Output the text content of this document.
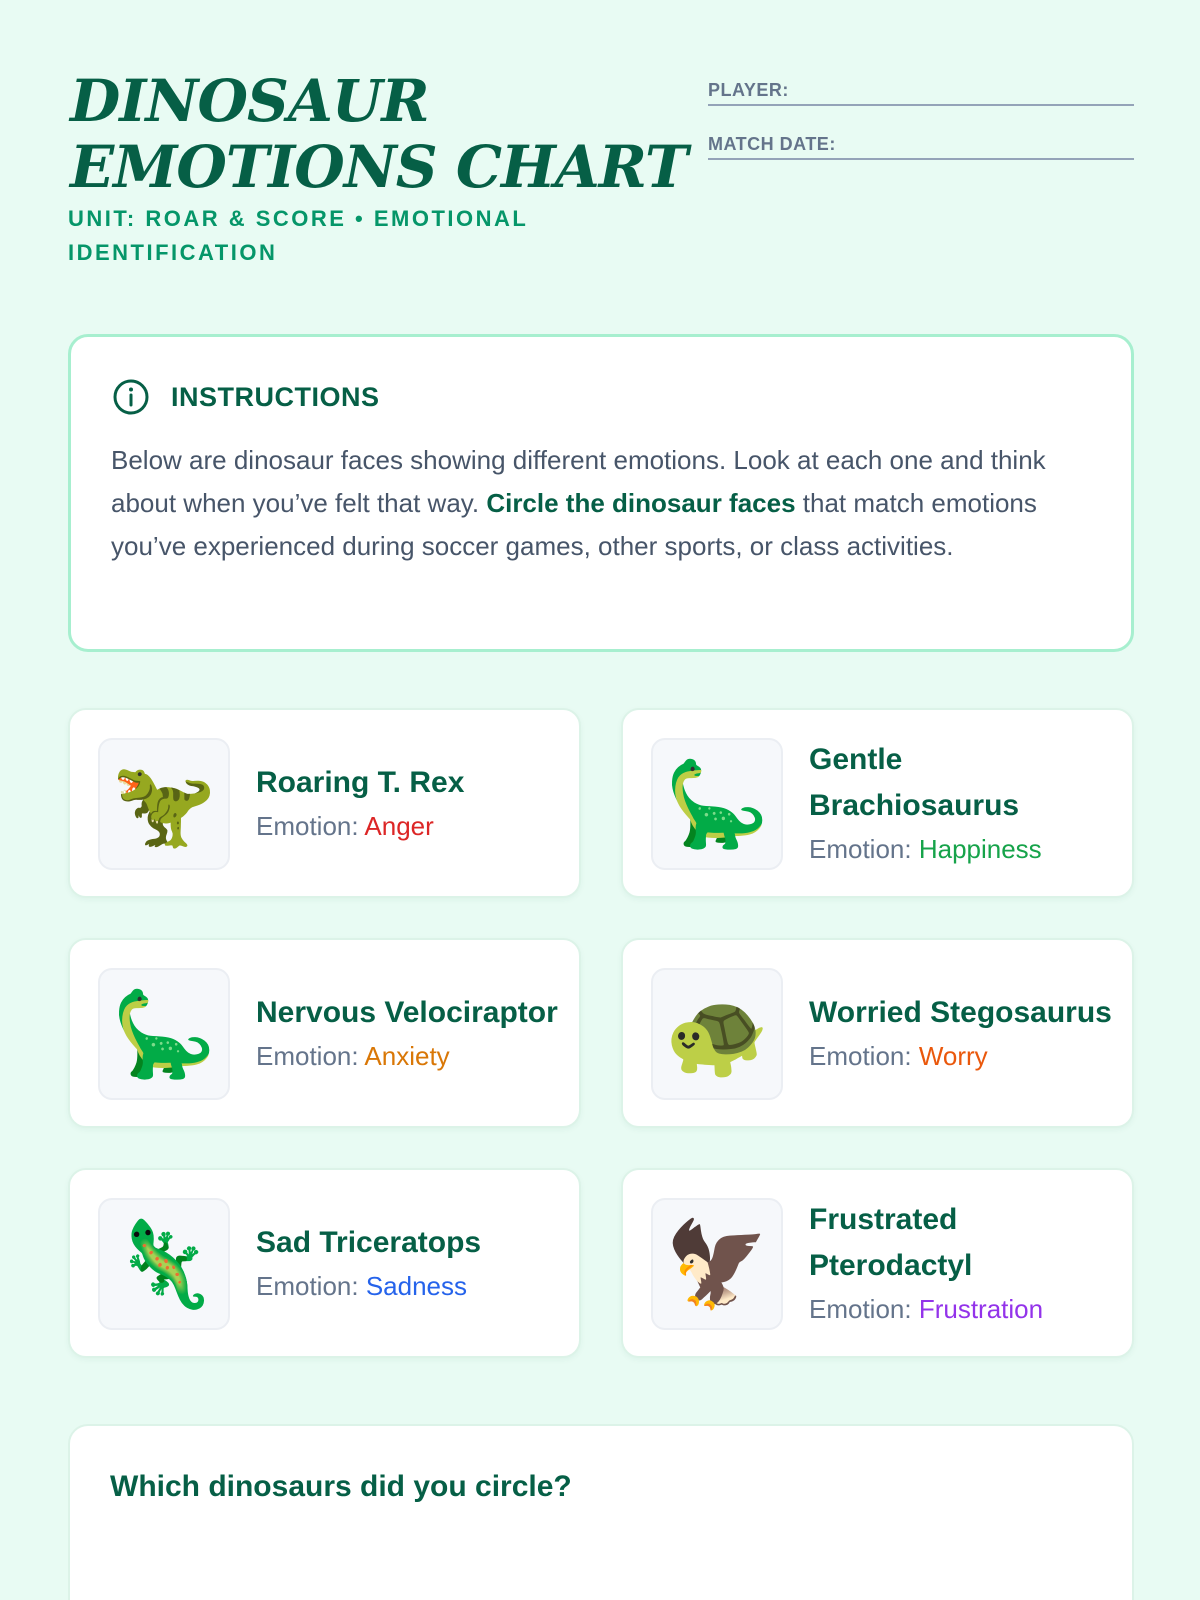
DINOSAUR
EMOTIONS CHART
UNIT: ROAR & SCORE • EMOTIONAL IDENTIFICATION
PLAYER:
MATCH DATE:
INSTRUCTIONS

Below are dinosaur faces showing different emotions. Look at each one and think about when you’ve felt that way. Circle the dinosaur faces that match emotions you’ve experienced during soccer games, other sports, or class activities.

🦖	Roaring T. Rex
Emotion: Anger	🦕	Gentle Brachiosaurus
Emotion: Happiness
🦕	Nervous Velociraptor
Emotion: Anxiety	🐢	Worried Stegosaurus
Emotion: Worry
🦎	Sad Triceratops
Emotion: Sadness	🦅	Frustrated Pterodactyl
Emotion: Frustration
Which dinosaurs did you circle?
